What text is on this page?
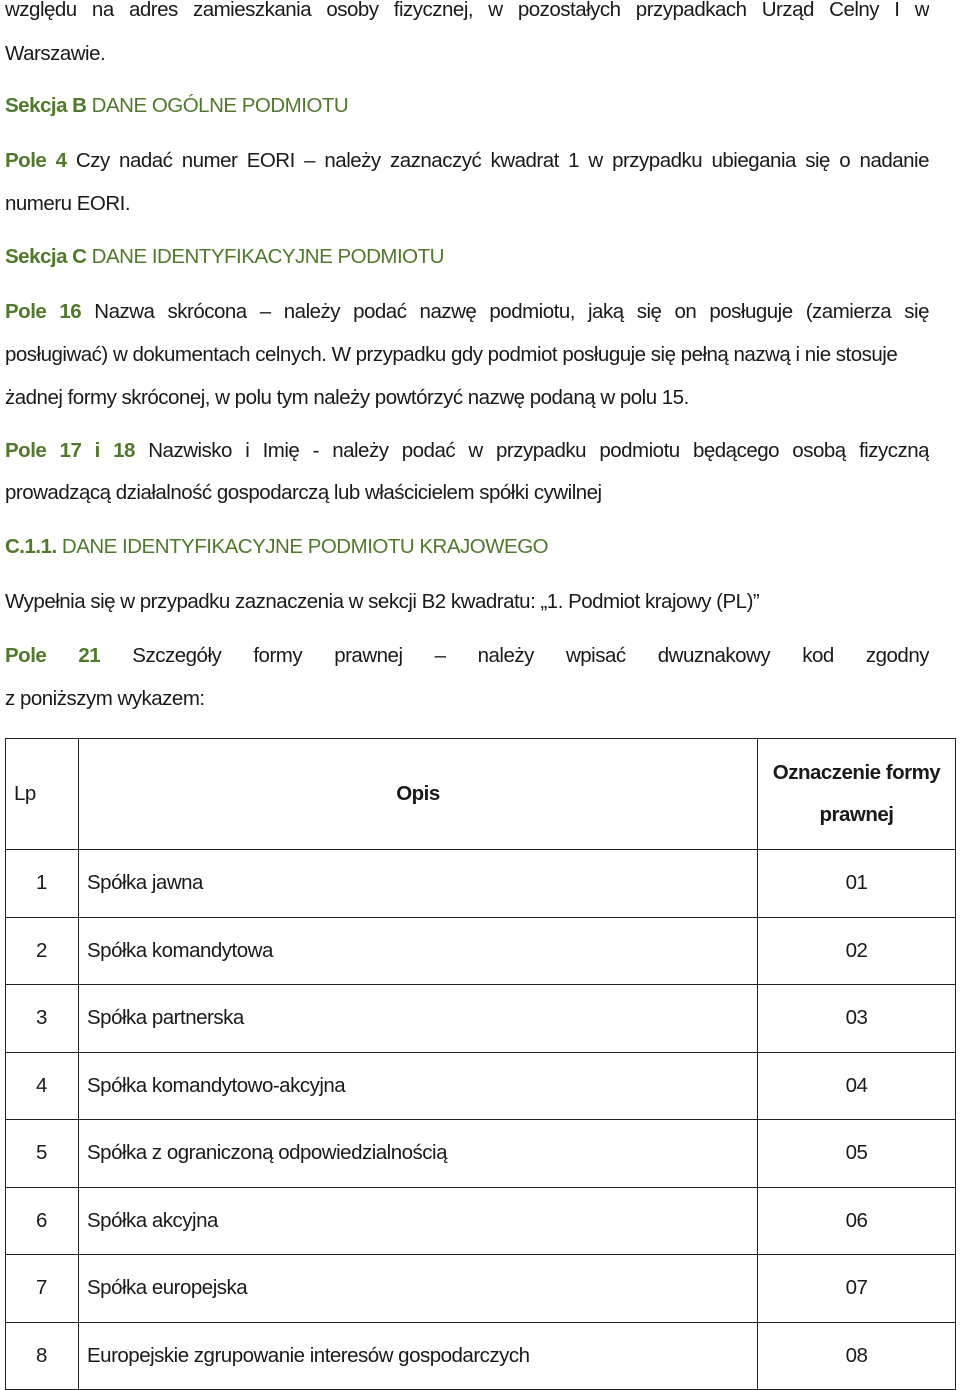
względu na adres zamieszkania osoby fizycznej, w pozostałych przypadkach Urząd Celny I w
Warszawie.
Sekcja B DANE OGÓLNE PODMIOTU
Pole 4 Czy nadać numer EORI – należy zaznaczyć kwadrat 1 w przypadku ubiegania się o nadanie
numeru EORI.
Sekcja C DANE IDENTYFIKACYJNE PODMIOTU
Pole 16 Nazwa skrócona – należy podać nazwę podmiotu, jaką się on posługuje (zamierza się
posługiwać) w dokumentach celnych. W przypadku gdy podmiot posługuje się pełną nazwą i nie stosuje
żadnej formy skróconej, w polu tym należy powtórzyć nazwę podaną w polu 15.
Pole 17 i 18 Nazwisko i Imię - należy podać w przypadku podmiotu będącego osobą fizyczną
prowadzącą działalność gospodarczą lub właścicielem spółki cywilnej
C.1.1. DANE IDENTYFIKACYJNE PODMIOTU KRAJOWEGO
Wypełnia się w przypadku zaznaczenia w sekcji B2 kwadratu: „1. Podmiot krajowy (PL)”
Pole 21 Szczegóły formy prawnej – należy wpisać dwuznakowy kod zgodny
z poniższym wykazem:
Lp	Opis	Oznaczenie formy prawnej
1	Spółka jawna	01
2	Spółka komandytowa	02
3	Spółka partnerska	03
4	Spółka komandytowo-akcyjna	04
5	Spółka z ograniczoną odpowiedzialnością	05
6	Spółka akcyjna	06
7	Spółka europejska	07
8	Europejskie zgrupowanie interesów gospodarczych	08
